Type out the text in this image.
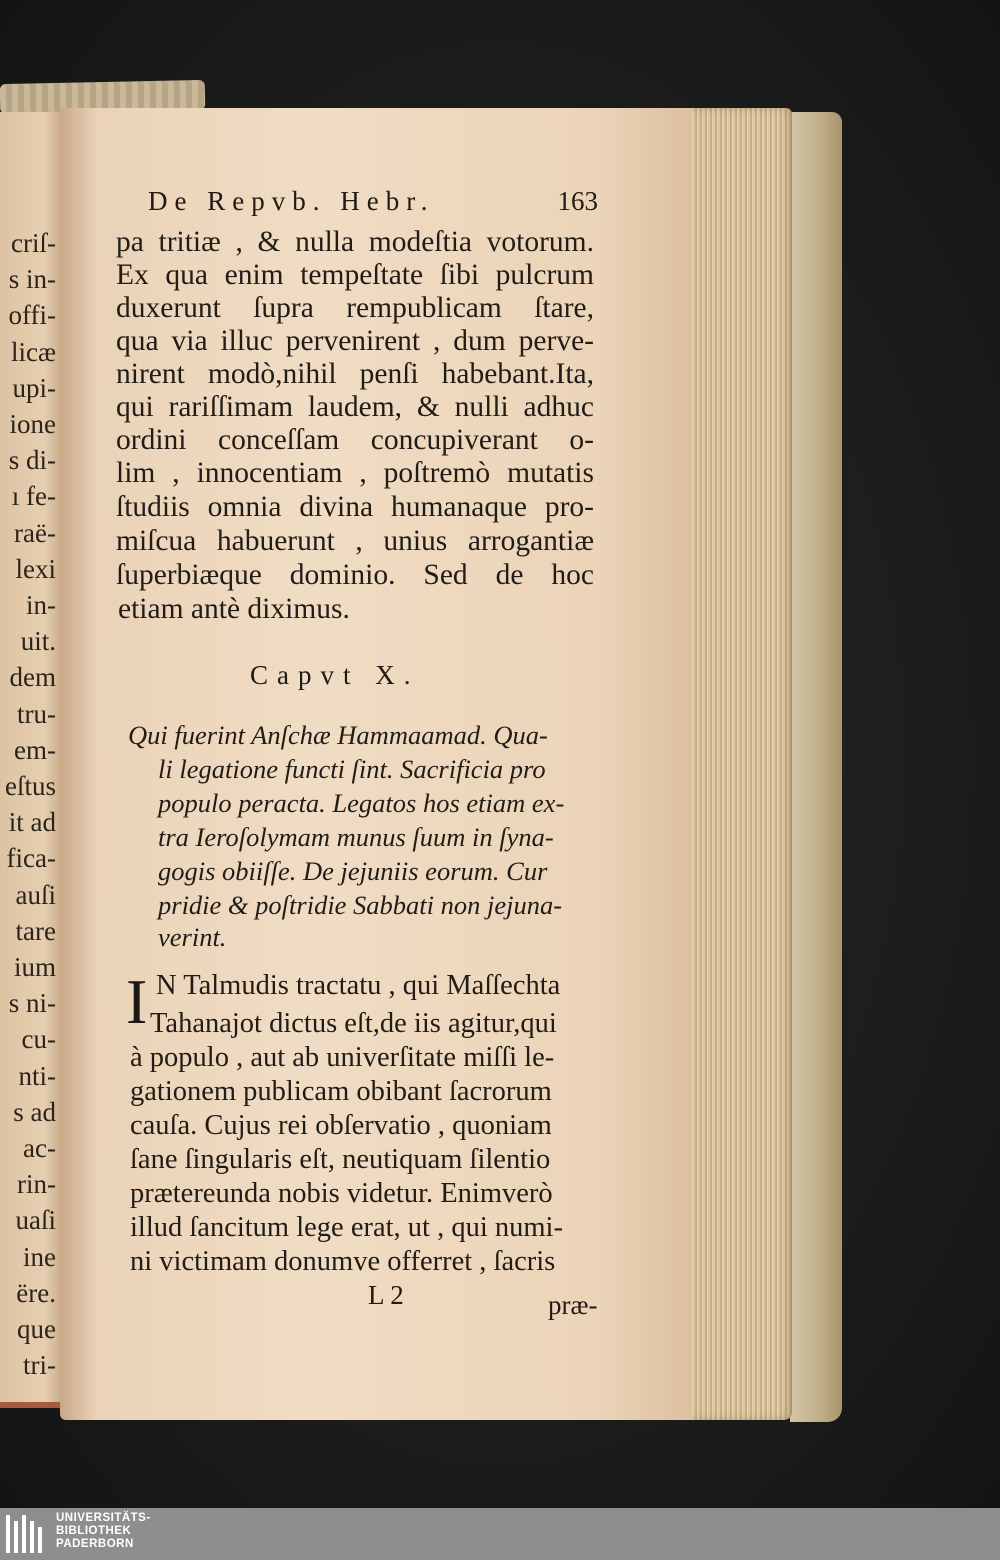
criſ-
s in-
offi-
licæ
upi-
ione
s di-
ı fe-
raë-
lexi
in-
uit.
dem
tru-
em-
eſtus
it ad
fica-
auſi
tare
ium
s ni-
cu-
nti-
s ad
ac-
rin-
uaſi
ine
ëre.
que
tri-
De Repvb. Hebr.	163
pa tritiæ , & nulla modeſtia votorum.
Ex qua enim tempeſtate ſibi pulcrum
duxerunt ſupra rempublicam ſtare,
qua via illuc pervenirent , dum perve-
nirent modò,nihil penſi habebant.Ita,
qui rariſſimam laudem, & nulli adhuc
ordini conceſſam concupiverant o-
lim , innocentiam , poſtremò mutatis
ſtudiis omnia divina humanaque pro-
miſcua habuerunt , unius arrogantiæ
ſuperbiæque dominio. Sed de hoc
etiam antè diximus.
Capvt X.
Qui fuerint Anſchæ Hammaamad. Qua-
li legatione functi ſint. Sacrificia pro
populo peracta. Legatos hos etiam ex-
tra Ieroſolymam munus ſuum in ſyna-
gogis obiiſſe. De jejuniis eorum. Cur
pridie & poſtridie Sabbati non jejuna-
verint.
I N Talmudis tractatu , qui Maſſechta
Tahanajot dictus eſt,de iis agitur,qui
à populo , aut ab univerſitate miſſi le-
gationem publicam obibant ſacrorum
cauſa. Cujus rei obſervatio , quoniam
ſane ſingularis eſt, neutiquam ſilentio
prætereunda nobis videtur. Enimverò
illud ſancitum lege erat, ut , qui numi-
ni victimam donumve offerret , ſacris
L 2	præ-
UNIVERSITÄTS-
BIBLIOTHEK
PADERBORN
